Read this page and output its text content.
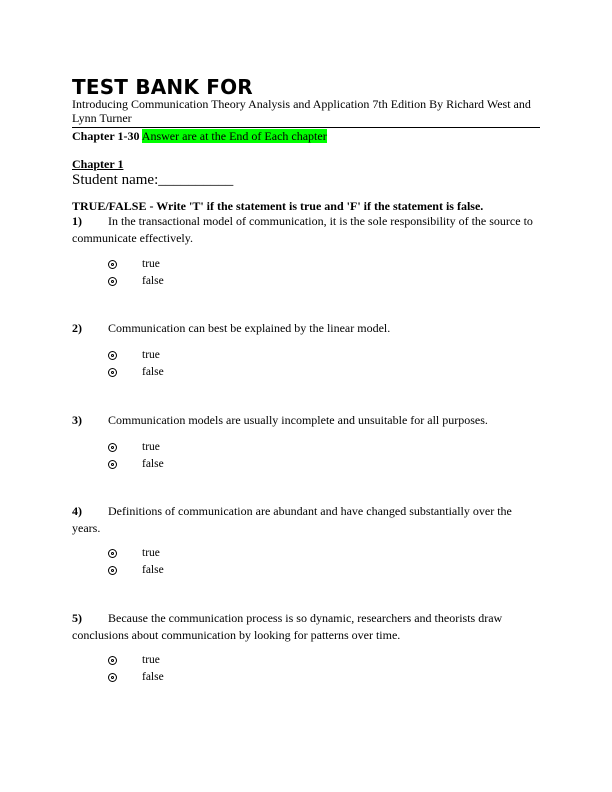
TEST BANK FOR
Introducing Communication Theory Analysis and Application 7th Edition By Richard West and Lynn Turner
Chapter 1-30 Answer are at the End of Each chapter
Chapter 1
Student name:__________
TRUE/FALSE - Write 'T' if the statement is true and 'F' if the statement is false.
1) In the transactional model of communication, it is the sole responsibility of the source to communicate effectively.
true
false
2) Communication can best be explained by the linear model.
true
false
3) Communication models are usually incomplete and unsuitable for all purposes.
true
false
4) Definitions of communication are abundant and have changed substantially over the years.
true
false
5) Because the communication process is so dynamic, researchers and theorists draw conclusions about communication by looking for patterns over time.
true
false
